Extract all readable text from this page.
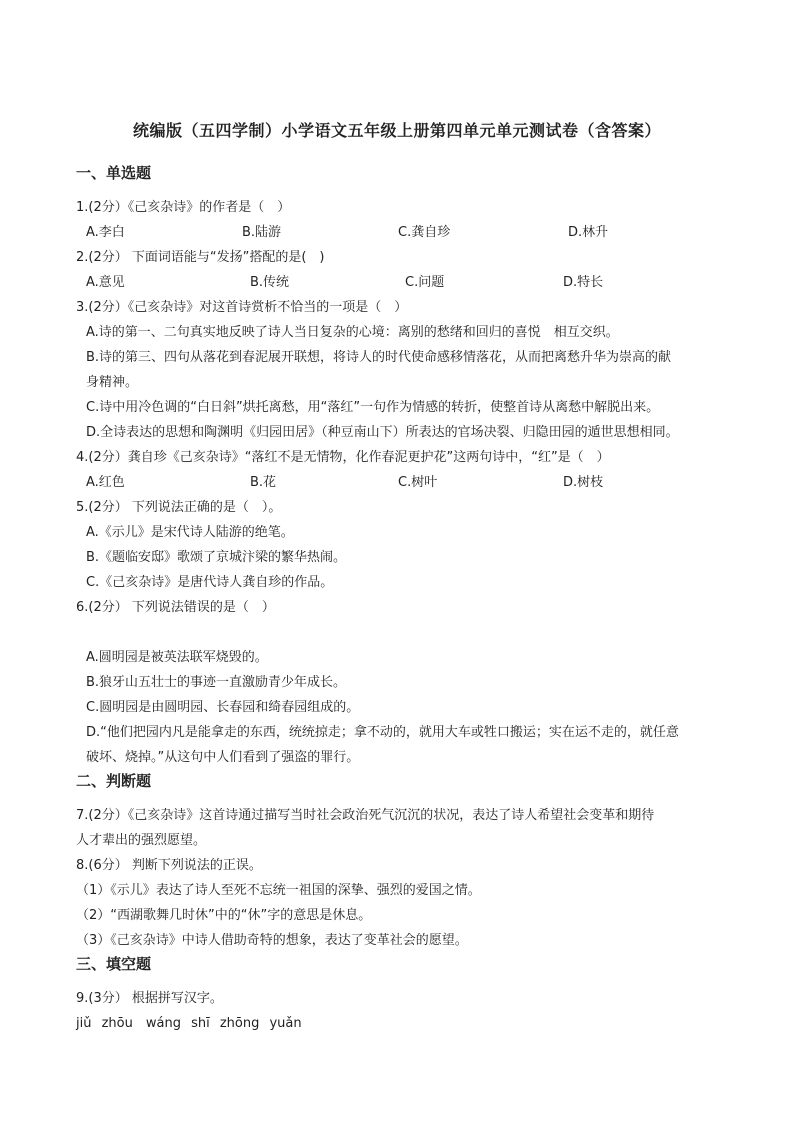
统编版（五四学制）小学语文五年级上册第四单元单元测试卷（含答案）
一、单选题
1.(2分）《己亥杂诗》的作者是（　）
A.李白	B.陆游	C.龚自珍	D.林升
2.(2分） 下面词语能与“发扬”搭配的是(　)
A.意见	B.传统	C.问题	D.特长
3.(2分）《己亥杂诗》对这首诗赏析不恰当的一项是（　）
A.诗的第一、二句真实地反映了诗人当日复杂的心境：离别的愁绪和回归的喜悦　相互交织。
B.诗的第三、四句从落花到春泥展开联想，将诗人的时代使命感移情落花，从而把离愁升华为崇高的献
身精神。
C.诗中用冷色调的“白日斜”烘托离愁，用“落红”一句作为情感的转折，使整首诗从离愁中解脱出来。
D.全诗表达的思想和陶渊明《归园田居》（种豆南山下）所表达的官场决裂、归隐田园的遁世思想相同。
4.(2分）龚自珍《己亥杂诗》“落红不是无情物，化作春泥更护花”这两句诗中，“红”是（　）
A.红色	B.花	C.树叶	D.树枝
5.(2分） 下列说法正确的是（　）。
A.《示儿》是宋代诗人陆游的绝笔。
B.《题临安邸》歌颂了京城汴梁的繁华热闹。
C.《己亥杂诗》是唐代诗人龚自珍的作品。
6.(2分） 下列说法错误的是（　）
A.圆明园是被英法联军烧毁的。
B.狼牙山五壮士的事迹一直激励青少年成长。
C.圆明园是由圆明园、长春园和绮春园组成的。
D.“他们把园内凡是能拿走的东西，统统掠走；拿不动的，就用大车或牲口搬运；实在运不走的，就任意
破坏、烧掉。”从这句中人们看到了强盗的罪行。
二、判断题
7.(2分）《己亥杂诗》这首诗通过描写当时社会政治死气沉沉的状况，表达了诗人希望社会变革和期待
人才辈出的强烈愿望。
8.(6分） 判断下列说法的正误。
（1）《示儿》表达了诗人至死不忘统一祖国的深挚、强烈的爱国之情。
（2）“西湖歌舞几时休”中的“休”字的意思是休息。
（3）《己亥杂诗》中诗人借助奇特的想象，表达了变革社会的愿望。
三、填空题
9.(3分） 根据拼写汉字。
jiǔ zhōu　wáng shī zhōng yuǎn
